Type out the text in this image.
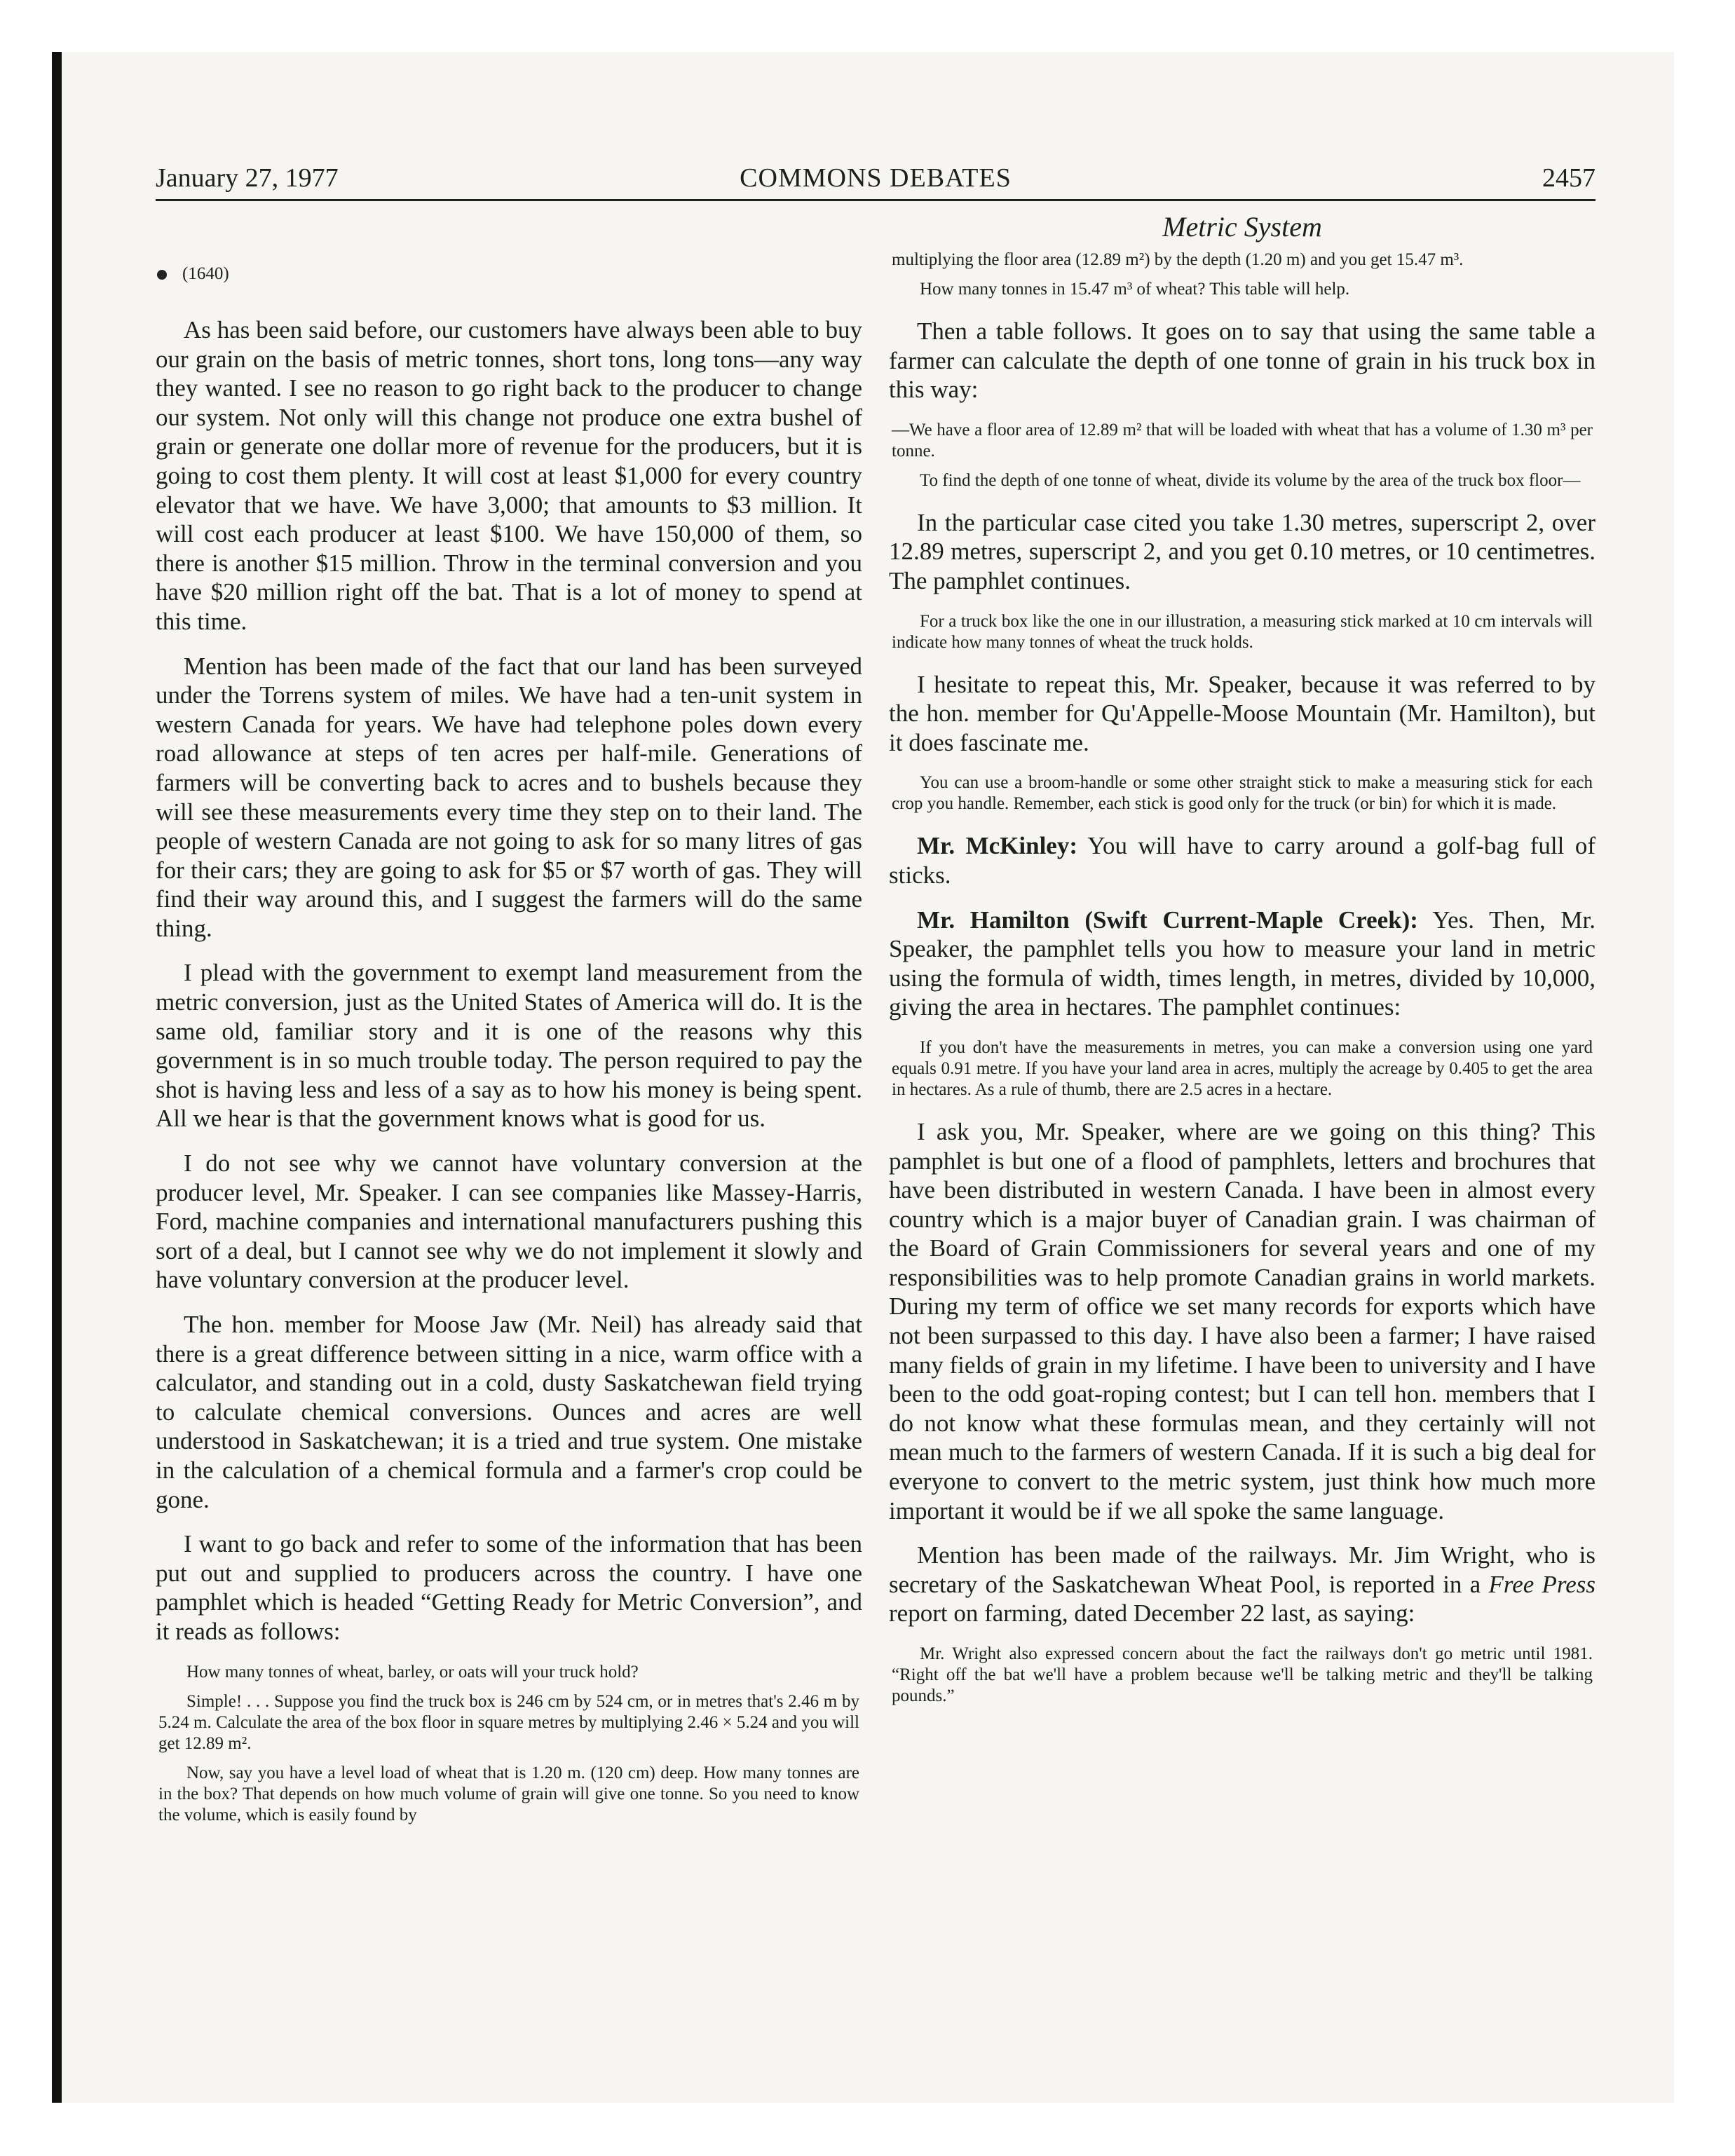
January 27, 1977	COMMONS DEBATES	2457
Metric System
(1640)

As has been said before, our customers have always been able to buy our grain on the basis of metric tonnes, short tons, long tons—any way they wanted. I see no reason to go right back to the producer to change our system. Not only will this change not produce one extra bushel of grain or generate one dollar more of revenue for the producers, but it is going to cost them plenty. It will cost at least $1,000 for every country elevator that we have. We have 3,000; that amounts to $3 million. It will cost each producer at least $100. We have 150,000 of them, so there is another $15 million. Throw in the terminal conversion and you have $20 million right off the bat. That is a lot of money to spend at this time.

Mention has been made of the fact that our land has been surveyed under the Torrens system of miles. We have had a ten-unit system in western Canada for years. We have had telephone poles down every road allowance at steps of ten acres per half-mile. Generations of farmers will be converting back to acres and to bushels because they will see these measurements every time they step on to their land. The people of western Canada are not going to ask for so many litres of gas for their cars; they are going to ask for $5 or $7 worth of gas. They will find their way around this, and I suggest the farmers will do the same thing.

I plead with the government to exempt land measurement from the metric conversion, just as the United States of America will do. It is the same old, familiar story and it is one of the reasons why this government is in so much trouble today. The person required to pay the shot is having less and less of a say as to how his money is being spent. All we hear is that the government knows what is good for us.

I do not see why we cannot have voluntary conversion at the producer level, Mr. Speaker. I can see companies like Massey-Harris, Ford, machine companies and international manufacturers pushing this sort of a deal, but I cannot see why we do not implement it slowly and have voluntary conversion at the producer level.

The hon. member for Moose Jaw (Mr. Neil) has already said that there is a great difference between sitting in a nice, warm office with a calculator, and standing out in a cold, dusty Saskatchewan field trying to calculate chemical conversions. Ounces and acres are well understood in Saskatchewan; it is a tried and true system. One mistake in the calculation of a chemical formula and a farmer's crop could be gone.

I want to go back and refer to some of the information that has been put out and supplied to producers across the country. I have one pamphlet which is headed “Getting Ready for Metric Conversion”, and it reads as follows:

How many tonnes of wheat, barley, or oats will your truck hold?

Simple! . . . Suppose you find the truck box is 246 cm by 524 cm, or in metres that's 2.46 m by 5.24 m. Calculate the area of the box floor in square metres by multiplying 2.46 × 5.24 and you will get 12.89 m².

Now, say you have a level load of wheat that is 1.20 m. (120 cm) deep. How many tonnes are in the box? That depends on how much volume of grain will give one tonne. So you need to know the volume, which is easily found by

multiplying the floor area (12.89 m²) by the depth (1.20 m) and you get 15.47 m³.

How many tonnes in 15.47 m³ of wheat? This table will help.

Then a table follows. It goes on to say that using the same table a farmer can calculate the depth of one tonne of grain in his truck box in this way:

—We have a floor area of 12.89 m² that will be loaded with wheat that has a volume of 1.30 m³ per tonne.

To find the depth of one tonne of wheat, divide its volume by the area of the truck box floor—

In the particular case cited you take 1.30 metres, superscript 2, over 12.89 metres, superscript 2, and you get 0.10 metres, or 10 centimetres. The pamphlet continues.

For a truck box like the one in our illustration, a measuring stick marked at 10 cm intervals will indicate how many tonnes of wheat the truck holds.

I hesitate to repeat this, Mr. Speaker, because it was referred to by the hon. member for Qu'Appelle-Moose Mountain (Mr. Hamilton), but it does fascinate me.

You can use a broom-handle or some other straight stick to make a measuring stick for each crop you handle. Remember, each stick is good only for the truck (or bin) for which it is made.

Mr. McKinley: You will have to carry around a golf-bag full of sticks.

Mr. Hamilton (Swift Current-Maple Creek): Yes. Then, Mr. Speaker, the pamphlet tells you how to measure your land in metric using the formula of width, times length, in metres, divided by 10,000, giving the area in hectares. The pamphlet continues:

If you don't have the measurements in metres, you can make a conversion using one yard equals 0.91 metre. If you have your land area in acres, multiply the acreage by 0.405 to get the area in hectares. As a rule of thumb, there are 2.5 acres in a hectare.

I ask you, Mr. Speaker, where are we going on this thing? This pamphlet is but one of a flood of pamphlets, letters and brochures that have been distributed in western Canada. I have been in almost every country which is a major buyer of Canadian grain. I was chairman of the Board of Grain Commissioners for several years and one of my responsibilities was to help promote Canadian grains in world markets. During my term of office we set many records for exports which have not been surpassed to this day. I have also been a farmer; I have raised many fields of grain in my lifetime. I have been to university and I have been to the odd goat-roping contest; but I can tell hon. members that I do not know what these formulas mean, and they certainly will not mean much to the farmers of western Canada. If it is such a big deal for everyone to convert to the metric system, just think how much more important it would be if we all spoke the same language.

Mention has been made of the railways. Mr. Jim Wright, who is secretary of the Saskatchewan Wheat Pool, is reported in a Free Press report on farming, dated December 22 last, as saying:

Mr. Wright also expressed concern about the fact the railways don't go metric until 1981. “Right off the bat we'll have a problem because we'll be talking metric and they'll be talking pounds.”
